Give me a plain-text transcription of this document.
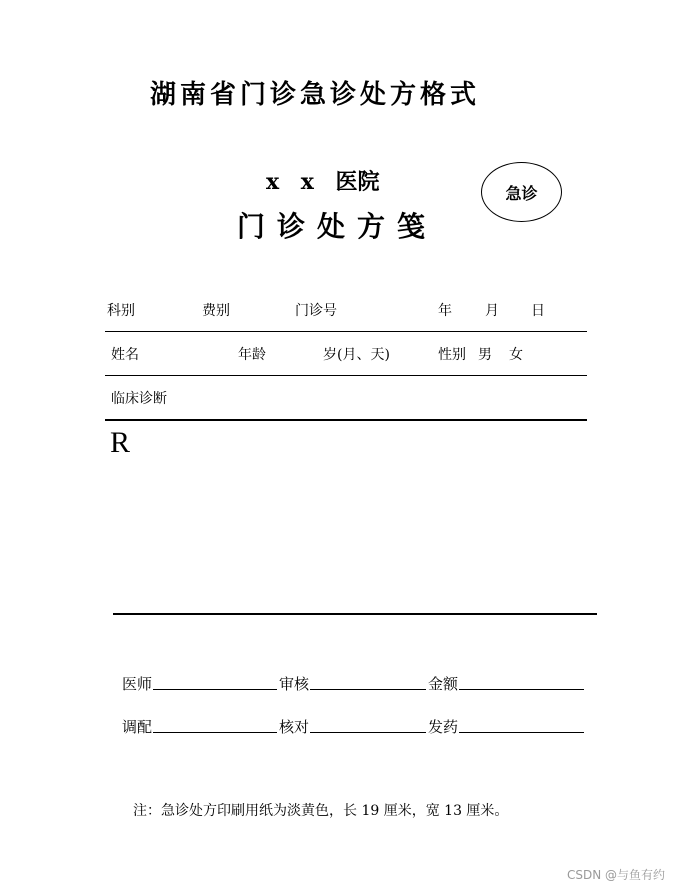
湖南省门诊急诊处方格式
x x 医院
门诊处方笺
急诊
科别	费别	门诊号	年 月 日
姓名	年龄	岁(月、天)	性别 男 女
临床诊断
R
医师	审核	金额
调配	核对	发药
注：急诊处方印刷用纸为淡黄色，长 19 厘米，宽 13 厘米。
CSDN @与鱼有约
